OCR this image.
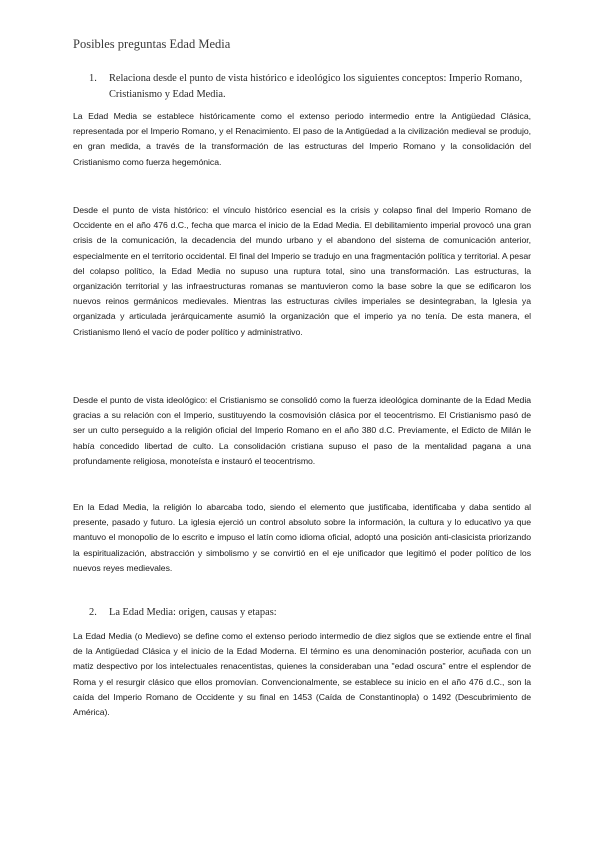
Posibles preguntas Edad Media
1. Relaciona desde el punto de vista histórico e ideológico los siguientes conceptos: Imperio Romano, Cristianismo y Edad Media.

La Edad Media se establece históricamente como el extenso periodo intermedio entre la Antigüedad Clásica, representada por el Imperio Romano, y el Renacimiento. El paso de la Antigüedad a la civilización medieval se produjo, en gran medida, a través de la transformación de las estructuras del Imperio Romano y la consolidación del Cristianismo como fuerza hegemónica.

Desde el punto de vista histórico: el vínculo histórico esencial es la crisis y colapso final del Imperio Romano de Occidente en el año 476 d.C., fecha que marca el inicio de la Edad Media. El debilitamiento imperial provocó una gran crisis de la comunicación, la decadencia del mundo urbano y el abandono del sistema de comunicación anterior, especialmente en el territorio occidental. El final del Imperio se tradujo en una fragmentación política y territorial. A pesar del colapso político, la Edad Media no supuso una ruptura total, sino una transformación. Las estructuras, la organización territorial y las infraestructuras romanas se mantuvieron como la base sobre la que se edificaron los nuevos reinos germánicos medievales. Mientras las estructuras civiles imperiales se desintegraban, la Iglesia ya organizada y articulada jerárquicamente asumió la organización que el imperio ya no tenía. De esta manera, el Cristianismo llenó el vacío de poder político y administrativo.

Desde el punto de vista ideológico: el Cristianismo se consolidó como la fuerza ideológica dominante de la Edad Media gracias a su relación con el Imperio, sustituyendo la cosmovisión clásica por el teocentrismo. El Cristianismo pasó de ser un culto perseguido a la religión oficial del Imperio Romano en el año 380 d.C. Previamente, el Edicto de Milán le había concedido libertad de culto. La consolidación cristiana supuso el paso de la mentalidad pagana a una profundamente religiosa, monoteísta e instauró el teocentrismo.

En la Edad Media, la religión lo abarcaba todo, siendo el elemento que justificaba, identificaba y daba sentido al presente, pasado y futuro. La iglesia ejerció un control absoluto sobre la información, la cultura y lo educativo ya que mantuvo el monopolio de lo escrito e impuso el latín como idioma oficial, adoptó una posición anti-clasicista priorizando la espiritualización, abstracción y simbolismo y se convirtió en el eje unificador que legitimó el poder político de los nuevos reyes medievales.

2. La Edad Media: origen, causas y etapas:

La Edad Media (o Medievo) se define como el extenso periodo intermedio de diez siglos que se extiende entre el final de la Antigüedad Clásica y el inicio de la Edad Moderna. El término es una denominación posterior, acuñada con un matiz despectivo por los intelectuales renacentistas, quienes la consideraban una "edad oscura" entre el esplendor de Roma y el resurgir clásico que ellos promovían. Convencionalmente, se establece su inicio en el año 476 d.C., son la caída del Imperio Romano de Occidente y su final en 1453 (Caída de Constantinopla) o 1492 (Descubrimiento de América).
